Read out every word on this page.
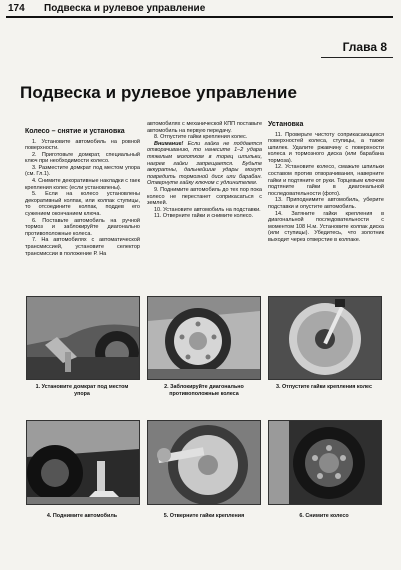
174 Подвеска и рулевое управление
Глава 8
Подвеска и рулевое управление

Колесо – снятие и установка

1. Установите автомобиль на ровной поверхности.

2. Приготовьте домкрат, специальный ключ при необходимости колесо.

3. Разместите домкрат под местом упора (см. Гл.1).

4. Снимите декоративные накладки с гаек крепления колес (если установлены).

5. Если на колесо установлены декоративный колпак, или колпак ступицы, то отсоедините колпак, поддев его сужением окончанием ключа.

6. Поставьте автомобиль на ручной тормоз и заблокируйте диагонально противоположные колеса.

7. На автомобилях с автоматической трансмиссией, установите селектор трансмиссии в положение Р. На

автомобилях с механической КПП поставьте автомобиль на первую передачу.

8. Отпустите гайки крепления колес.

Внимание! Если гайка не поддается отворачиванию, то нанесите 1–2 удара тяжелым молотком в торец шпильки, нагрев гайки запрещается. Будьте аккуратны, дальнейшие удары могут повредить тормозной диск или барабан. Отвернуте гайку ключом с удлинителем.

9. Поднимите автомобиль до тех пор пока колесо не перестанет соприкасаться с землей.

10. Установите автомобиль на подставки.

11. Отверните гайки и снимите колесо.

Установка

11. Проверьте чистоту соприкасающихся поверхностей колеса, ступицы, а также шпилек. Удалите ржавчину с поверхности колеса и тормозного диска (или барабана тормоза).

12. Установите колесо, смажьте шпильки составом против отворачивания, наверните гайки и подтяните от руки. Торцевым ключом подтяните гайки в диагональной последовательности (фото).

13. Приподнимите автомобиль, уберите подставки и опустите автомобиль.

14. Затяните гайки крепления в диагональной последовательности с моментом 108 Н.м. Установите колпак диска (или ступицы). Убедитесь, что золотник выходит через отверстие в колпаке.

1. Установите домкрат под местом упора
2. Заблокируйте диагонально противоположные колеса
3. Отпустите гайки крепления колес
4. Поднимите автомобиль	5. Отверните гайки крепления	6. Снимите колесо
